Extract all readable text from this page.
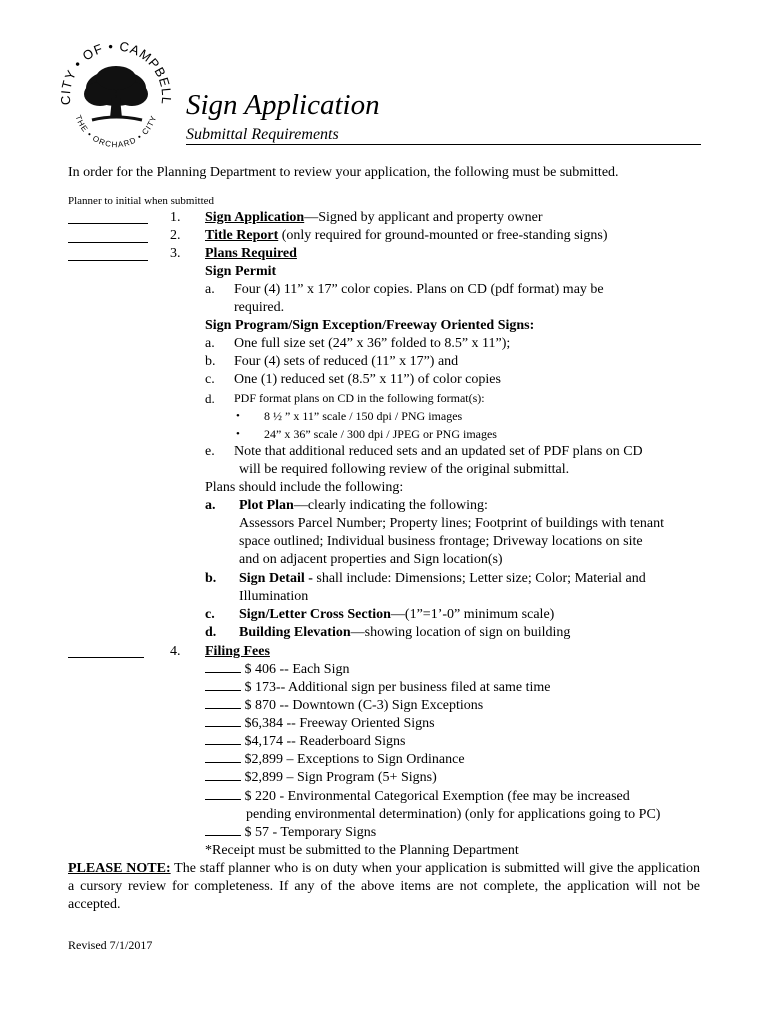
CITY • OF • CAMPBELL
THE • ORCHARD • CITY Sign Application
Submittal Requirements
In order for the Planning Department to review your application, the following must be submitted.
Planner to initial when submitted
1.
2.
3.
4.
Sign Application—Signed by applicant and property owner
Title Report (only required for ground-mounted or free-standing signs)
Plans Required
Sign Permit
a. Four (4) 11” x 17” color copies. Plans on CD (pdf format) may be
required.
Sign Program/Sign Exception/Freeway Oriented Signs:
a. One full size set (24” x 36” folded to 8.5” x 11”);
b. Four (4) sets of reduced (11” x 17”) and
c. One (1) reduced set (8.5” x 11”) of color copies
d. PDF format plans on CD in the following format(s):
• 8 ½ ” x 11” scale / 150 dpi / PNG images
• 24” x 36” scale / 300 dpi / JPEG or PNG images
e. Note that additional reduced sets and an updated set of PDF plans on CD
will be required following review of the original submittal.
Plans should include the following:
a. Plot Plan—clearly indicating the following:
Assessors Parcel Number; Property lines; Footprint of buildings with tenant
space outlined; Individual business frontage; Driveway locations on site
and on adjacent properties and Sign location(s)
b. Sign Detail - shall include: Dimensions; Letter size; Color; Material and
Illumination
c. Sign/Letter Cross Section—(1”=1’-0” minimum scale)
d. Building Elevation—showing location of sign on building
Filing Fees
$ 406 -- Each Sign
$ 173-- Additional sign per business filed at same time
$ 870 -- Downtown (C-3) Sign Exceptions
$6,384 -- Freeway Oriented Signs
$4,174 -- Readerboard Signs
$2,899 – Exceptions to Sign Ordinance
$2,899 – Sign Program (5+ Signs)
$ 220 - Environmental Categorical Exemption (fee may be increased
pending environmental determination) (only for applications going to PC)
$ 57 - Temporary Signs
*Receipt must be submitted to the Planning Department
PLEASE NOTE: The staff planner who is on duty when your application is submitted will give the application a cursory review for completeness. If any of the above items are not complete, the application will not be accepted.
Revised 7/1/2017
